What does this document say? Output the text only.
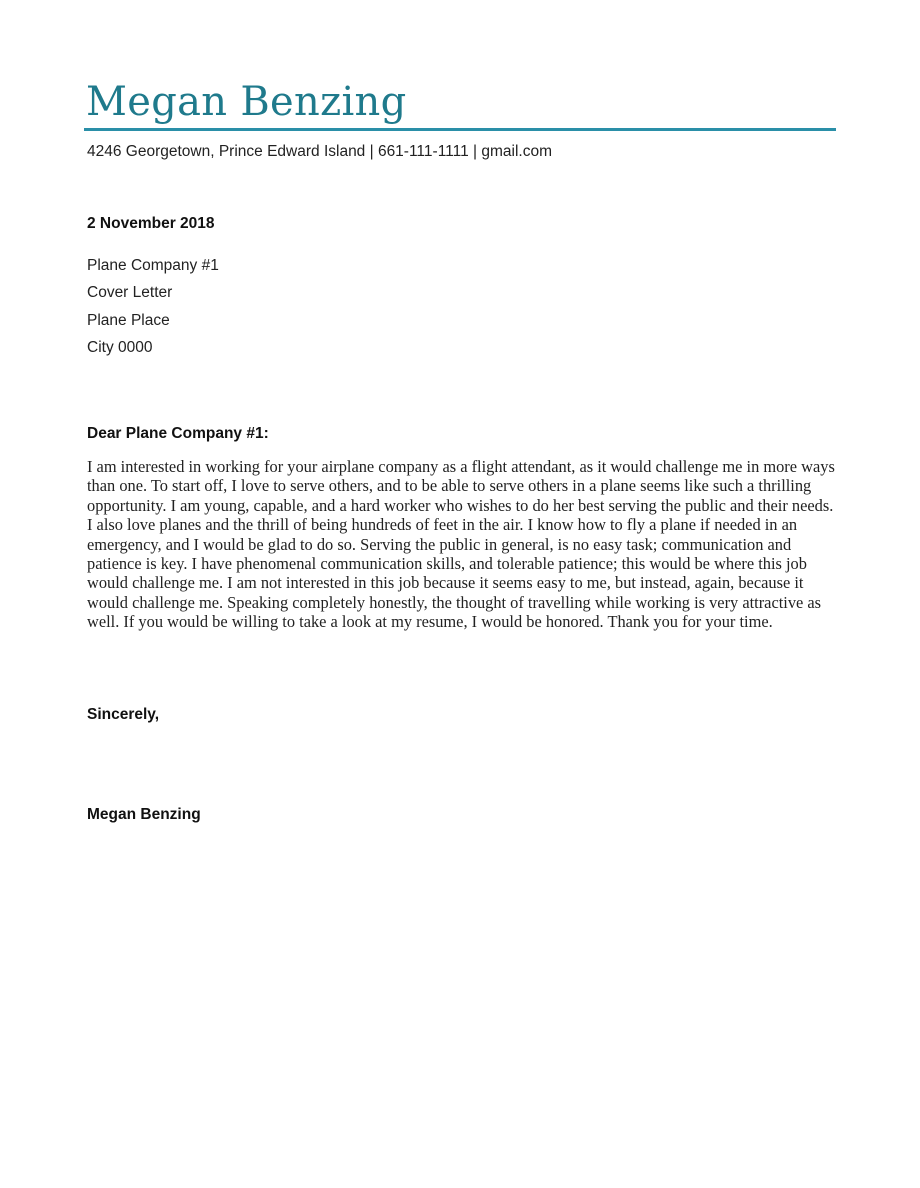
Megan Benzing
4246 Georgetown, Prince Edward Island | 661-111-1111 | gmail.com
2 November 2018
Plane Company #1
Cover Letter
Plane Place
City 0000
Dear Plane Company #1:

I am interested in working for your airplane company as a flight attendant, as it would challenge me in more ways than one. To start off, I love to serve others, and to be able to serve others in a plane seems like such a thrilling opportunity. I am young, capable, and a hard worker who wishes to do her best serving the public and their needs. I also love planes and the thrill of being hundreds of feet in the air. I know how to fly a plane if needed in an emergency, and I would be glad to do so. Serving the public in general, is no easy task; communication and patience is key. I have phenomenal communication skills, and tolerable patience; this would be where this job would challenge me. I am not interested in this job because it seems easy to me, but instead, again, because it would challenge me. Speaking completely honestly, the thought of travelling while working is very attractive as well. If you would be willing to take a look at my resume, I would be honored. Thank you for your time.

Sincerely,
Megan Benzing
